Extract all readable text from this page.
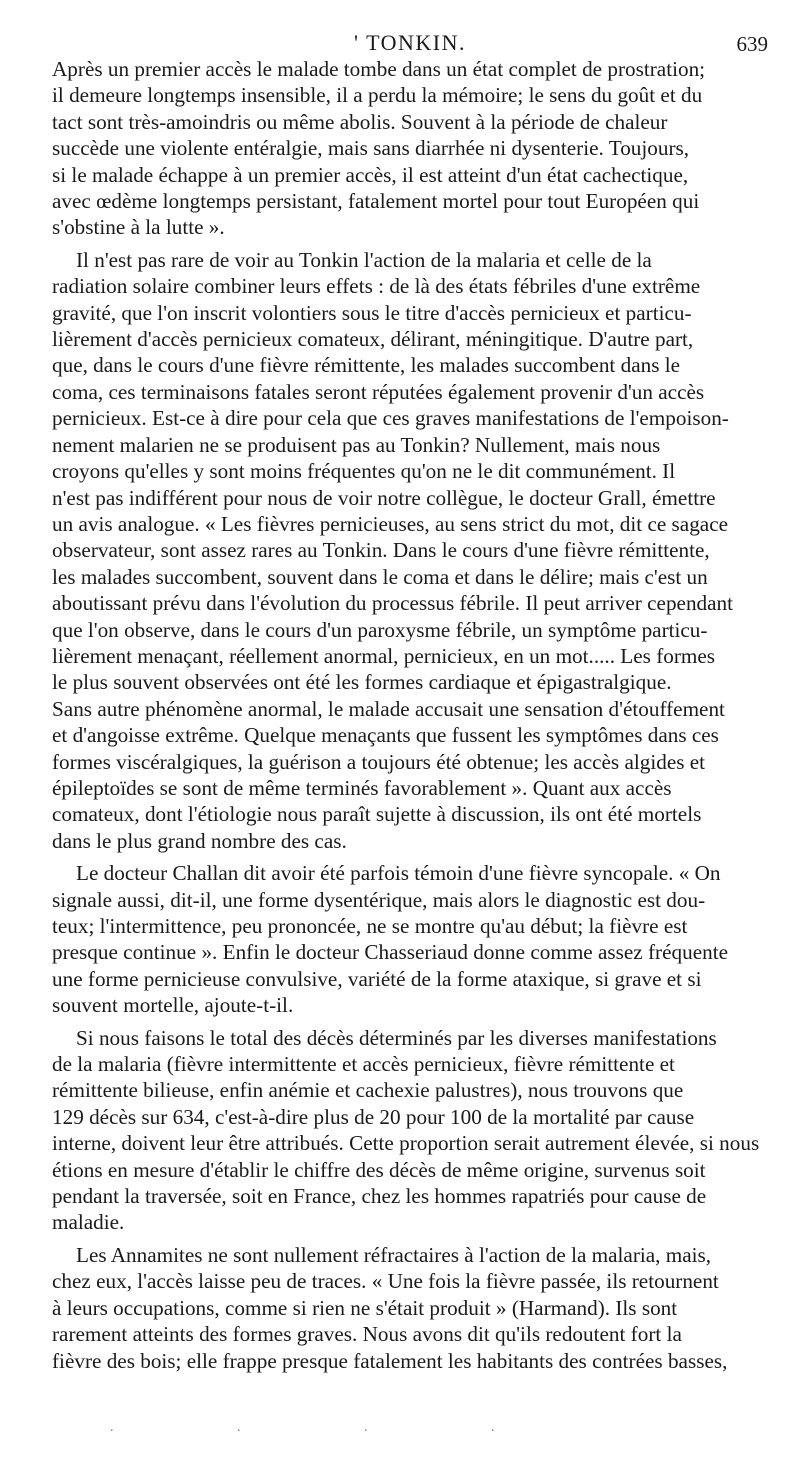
' TONKIN.	639

Après un premier accès le malade tombe dans un état complet de prostration;
il demeure longtemps insensible, il a perdu la mémoire; le sens du goût et du
tact sont très-amoindris ou même abolis. Souvent à la période de chaleur
succède une violente entéralgie, mais sans diarrhée ni dysenterie. Toujours,
si le malade échappe à un premier accès, il est atteint d'un état cachectique,
avec œdème longtemps persistant, fatalement mortel pour tout Européen qui
s'obstine à la lutte ».

Il n'est pas rare de voir au Tonkin l'action de la malaria et celle de la
radiation solaire combiner leurs effets : de là des états fébriles d'une extrême
gravité, que l'on inscrit volontiers sous le titre d'accès pernicieux et particu-
lièrement d'accès pernicieux comateux, délirant, méningitique. D'autre part,
que, dans le cours d'une fièvre rémittente, les malades succombent dans le
coma, ces terminaisons fatales seront réputées également provenir d'un accès
pernicieux. Est-ce à dire pour cela que ces graves manifestations de l'empoison-
nement malarien ne se produisent pas au Tonkin? Nullement, mais nous
croyons qu'elles y sont moins fréquentes qu'on ne le dit communément. Il
n'est pas indifférent pour nous de voir notre collègue, le docteur Grall, émettre
un avis analogue. « Les fièvres pernicieuses, au sens strict du mot, dit ce sagace
observateur, sont assez rares au Tonkin. Dans le cours d'une fièvre rémittente,
les malades succombent, souvent dans le coma et dans le délire; mais c'est un
aboutissant prévu dans l'évolution du processus fébrile. Il peut arriver cependant
que l'on observe, dans le cours d'un paroxysme fébrile, un symptôme particu-
lièrement menaçant, réellement anormal, pernicieux, en un mot..... Les formes
le plus souvent observées ont été les formes cardiaque et épigastralgique.
Sans autre phénomène anormal, le malade accusait une sensation d'étouffement
et d'angoisse extrême. Quelque menaçants que fussent les symptômes dans ces
formes viscéralgiques, la guérison a toujours été obtenue; les accès algides et
épileptoïdes se sont de même terminés favorablement ». Quant aux accès
comateux, dont l'étiologie nous paraît sujette à discussion, ils ont été mortels
dans le plus grand nombre des cas.

Le docteur Challan dit avoir été parfois témoin d'une fièvre syncopale. « On
signale aussi, dit-il, une forme dysentérique, mais alors le diagnostic est dou-
teux; l'intermittence, peu prononcée, ne se montre qu'au début; la fièvre est
presque continue ». Enfin le docteur Chasseriaud donne comme assez fréquente
une forme pernicieuse convulsive, variété de la forme ataxique, si grave et si
souvent mortelle, ajoute-t-il.

Si nous faisons le total des décès déterminés par les diverses manifestations
de la malaria (fièvre intermittente et accès pernicieux, fièvre rémittente et
rémittente bilieuse, enfin anémie et cachexie palustres), nous trouvons que
129 décès sur 634, c'est-à-dire plus de 20 pour 100 de la mortalité par cause
interne, doivent leur être attribués. Cette proportion serait autrement élevée, si nous
étions en mesure d'établir le chiffre des décès de même origine, survenus soit
pendant la traversée, soit en France, chez les hommes rapatriés pour cause de
maladie.

Les Annamites ne sont nullement réfractaires à l'action de la malaria, mais,
chez eux, l'accès laisse peu de traces. « Une fois la fièvre passée, ils retournent
à leurs occupations, comme si rien ne s'était produit » (Harmand). Ils sont
rarement atteints des formes graves. Nous avons dit qu'ils redoutent fort la
fièvre des bois; elle frappe presque fatalement les habitants des contrées basses,

. . . .
